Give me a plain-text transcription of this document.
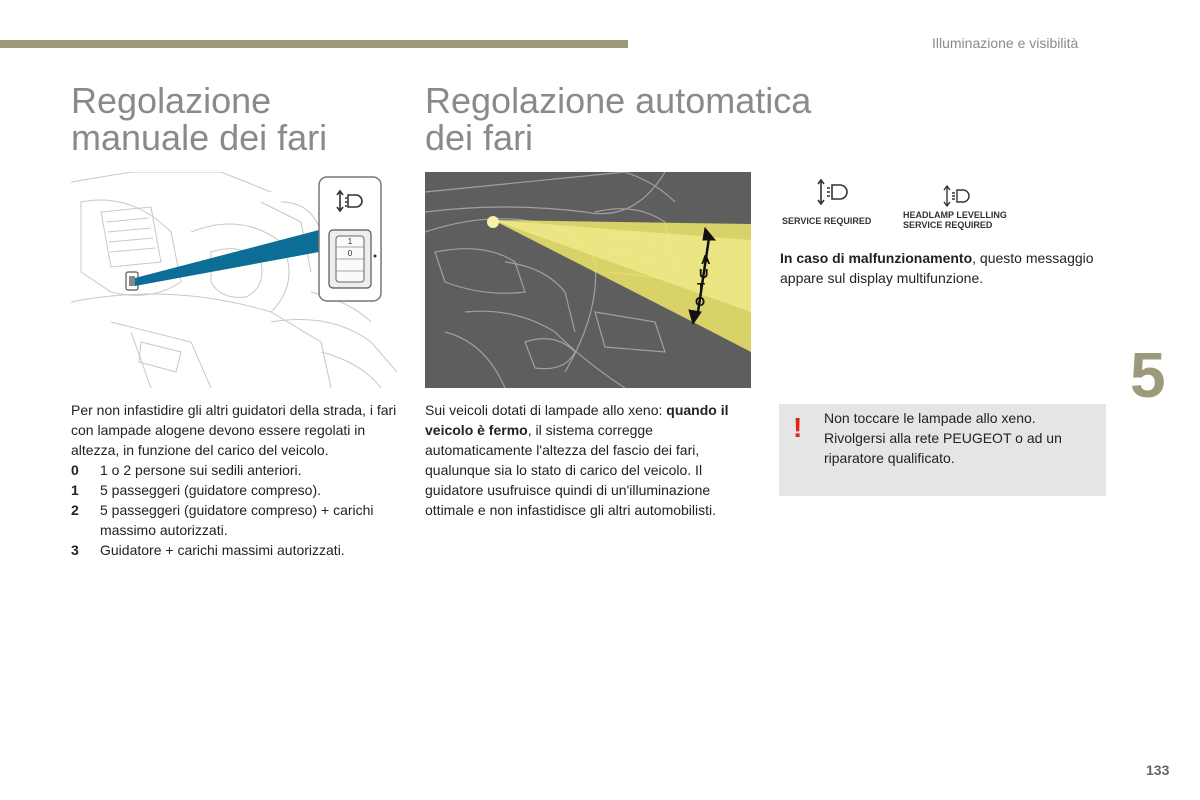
Illuminazione e visibilità
Regolazione
manuale dei fari
1
0
Per non infastidire gli altri guidatori della strada, i fari con lampade alogene devono essere regolati in altezza, in funzione del carico del veicolo.
0 1 o 2 persone sui sedili anteriori.
1 5 passeggeri (guidatore compreso).
2 5 passeggeri (guidatore compreso) + carichi massimo autorizzati.
3 Guidatore + carichi massimi autorizzati.
Regolazione automatica
dei fari
A
U
T
O
Sui veicoli dotati di lampade allo xeno: quando il veicolo è fermo, il sistema corregge automaticamente l'altezza del fascio dei fari, qualunque sia lo stato di carico del veicolo. Il guidatore usufruisce quindi di un'illuminazione ottimale e non infastidisce gli altri automobilisti.
SERVICE REQUIRED
HEADLAMP LEVELLING
SERVICE REQUIRED
In caso di malfunzionamento, questo messaggio appare sul display multifunzione.
! Non toccare le lampade allo xeno. Rivolgersi alla rete PEUGEOT o ad un riparatore qualificato.
5
133
